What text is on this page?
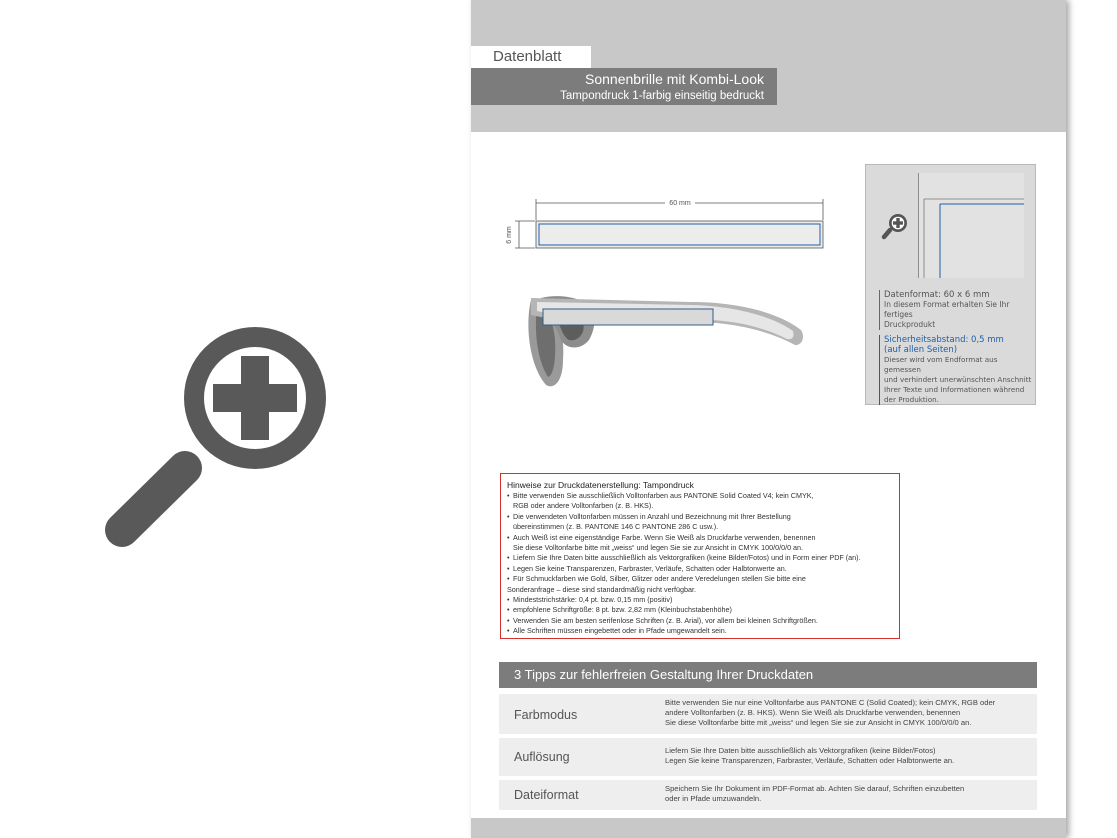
Datenblatt
Sonnenbrille mit Kombi-Look
Tampondruck 1-farbig einseitig bedruckt
60 mm
6 mm
Datenformat: 60 x 6 mm
In diesem Format erhalten Sie Ihr fertiges
Druckprodukt
Sicherheitsabstand: 0,5 mm
(auf allen Seiten)
Dieser wird vom Endformat aus gemessen
und verhindert unerwünschten Anschnitt
Ihrer Texte und Informationen während
der Produktion.
Hinweise zur Druckdatenerstellung: Tampondruck
• Bitte verwenden Sie ausschließlich Volltonfarben aus PANTONE Solid Coated V4; kein CMYK,
RGB oder andere Volltonfarben (z. B. HKS).
• Die verwendeten Volltonfarben müssen in Anzahl und Bezeichnung mit Ihrer Bestellung
übereinstimmen (z. B. PANTONE 146 C PANTONE 286 C usw.).
• Auch Weiß ist eine eigenständige Farbe. Wenn Sie Weiß als Druckfarbe verwenden, benennen
Sie diese Volltonfarbe bitte mit „weiss“ und legen Sie sie zur Ansicht in CMYK 100/0/0/0 an.
• Liefern Sie Ihre Daten bitte ausschließlich als Vektorgrafiken (keine Bilder/Fotos) und in Form einer PDF (an).
• Legen Sie keine Transparenzen, Farbraster, Verläufe, Schatten oder Halbtonwerte an.
• Für Schmuckfarben wie Gold, Silber, Glitzer oder andere Veredelungen stellen Sie bitte eine
Sonderanfrage – diese sind standardmäßig nicht verfügbar.
• Mindeststrichstärke: 0,4 pt. bzw. 0,15 mm (positiv)
• empfohlene Schriftgröße: 8 pt. bzw. 2,82 mm (Kleinbuchstabenhöhe)
• Verwenden Sie am besten serifenlose Schriften (z. B. Arial), vor allem bei kleinen Schriftgrößen.
• Alle Schriften müssen eingebettet oder in Pfade umgewandelt sein.
3 Tipps zur fehlerfreien Gestaltung Ihrer Druckdaten
Farbmodus
Bitte verwenden Sie nur eine Volltonfarbe aus PANTONE C (Solid Coated); kein CMYK, RGB oder
andere Volltonfarben (z. B. HKS). Wenn Sie Weiß als Druckfarbe verwenden, benennen
Sie diese Volltonfarbe bitte mit „weiss“ und legen Sie sie zur Ansicht in CMYK 100/0/0/0 an.
Auflösung	Liefern Sie Ihre Daten bitte ausschließlich als Vektorgrafiken (keine Bilder/Fotos)
Legen Sie keine Transparenzen, Farbraster, Verläufe, Schatten oder Halbtonwerte an.
Dateiformat	Speichern Sie Ihr Dokument im PDF-Format ab. Achten Sie darauf, Schriften einzubetten
oder in Pfade umzuwandeln.
